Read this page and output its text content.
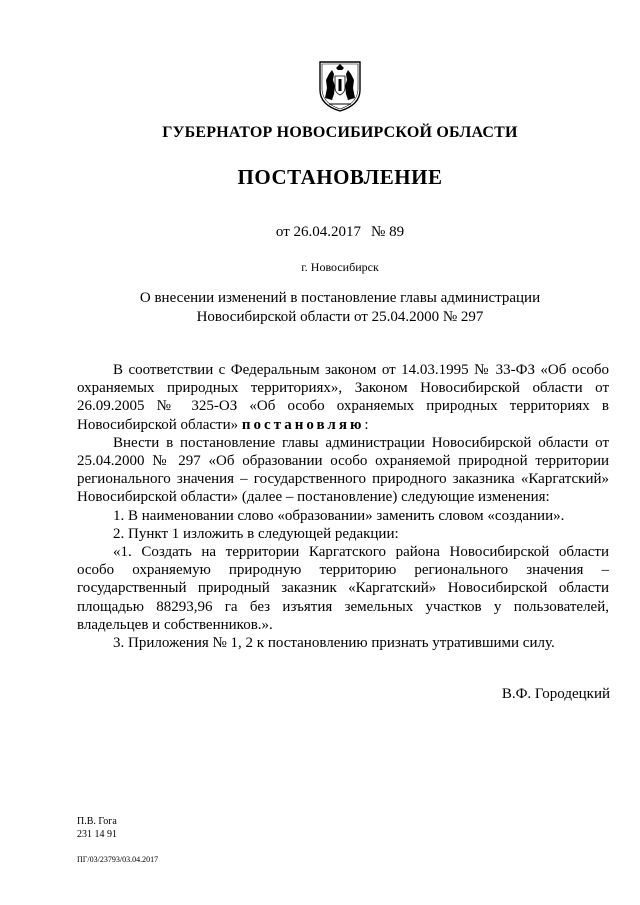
ГУБЕРНАТОР НОВОСИБИРСКОЙ ОБЛАСТИ
ПОСТАНОВЛЕНИЕ
от 26.04.2017 № 89
г. Новосибирск
О внесении изменений в постановление главы администрации
Новосибирской области от 25.04.2000 № 297

В соответствии с Федеральным законом от 14.03.1995 № 33-ФЗ «Об особо охраняемых природных территориях», Законом Новосибирской области от 26.09.2005 № 325-ОЗ «Об особо охраняемых природных территориях в Новосибирской области» постановляю:

Внести в постановление главы администрации Новосибирской области от 25.04.2000 № 297 «Об образовании особо охраняемой природной территории регионального значения – государственного природного заказника «Каргатский» Новосибирской области» (далее – постановление) следующие изменения:

1. В наименовании слово «образовании» заменить словом «создании».

2. Пункт 1 изложить в следующей редакции:

«1. Создать на территории Каргатского района Новосибирской области особо охраняемую природную территорию регионального значения – государственный природный заказник «Каргатский» Новосибирской области площадью 88293,96 га без изъятия земельных участков у пользователей, владельцев и собственников.».

3. Приложения № 1, 2 к постановлению признать утратившими силу.

В.Ф. Городецкий
П.В. Гога
231 14 91
ПГ/03/23793/03.04.2017
